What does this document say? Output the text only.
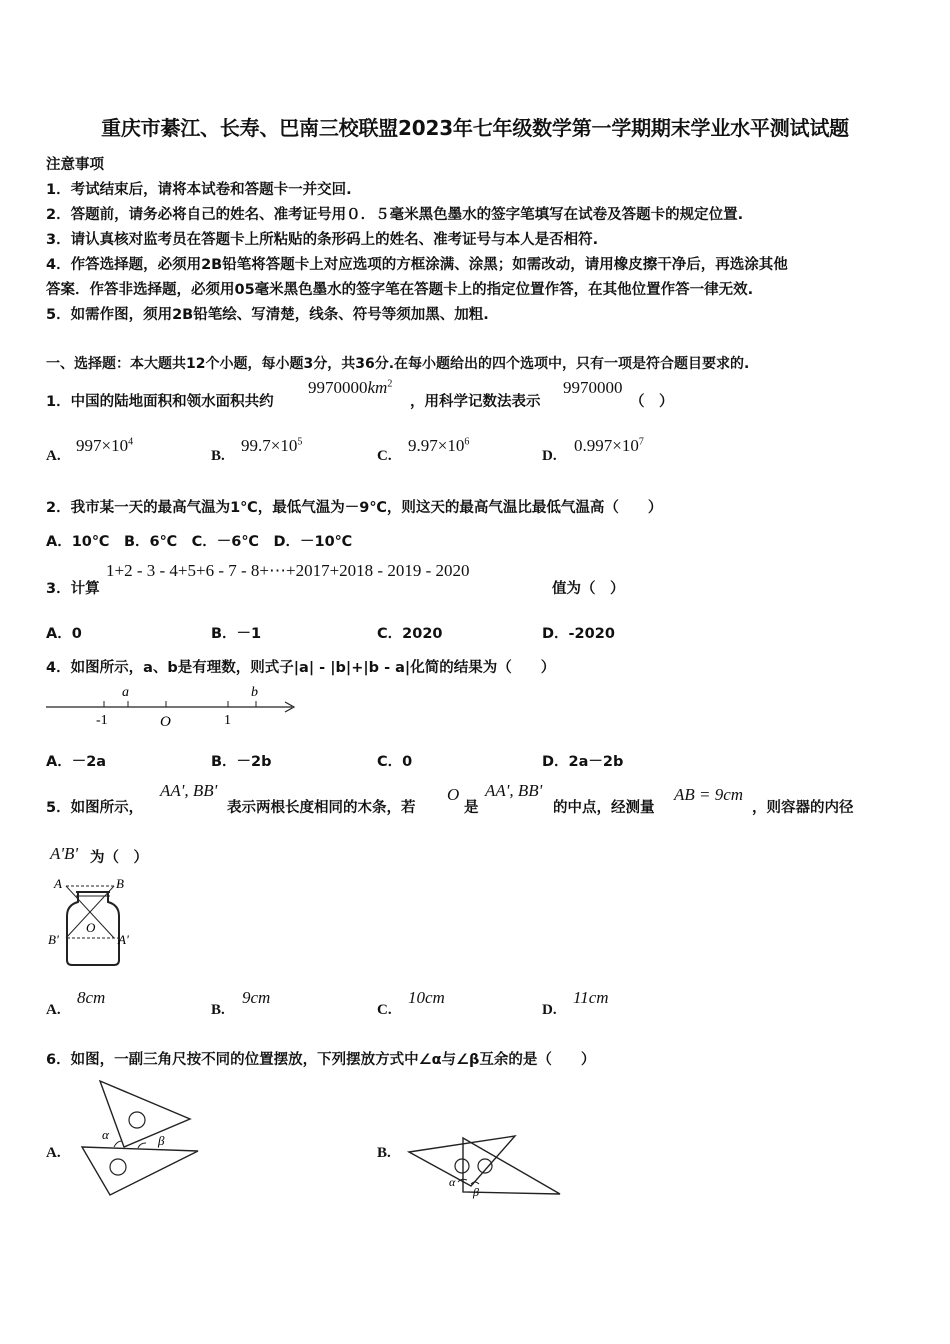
重庆市綦江、长寿、巴南三校联盟2023年七年级数学第一学期期末学业水平测试试题
注意事项
1．考试结束后，请将本试卷和答题卡一并交回.
2．答题前，请务必将自己的姓名、准考证号用０．５毫米黑色墨水的签字笔填写在试卷及答题卡的规定位置.
3．请认真核对监考员在答题卡上所粘贴的条形码上的姓名、准考证号与本人是否相符.
4．作答选择题，必须用2B铅笔将答题卡上对应选项的方框涂满、涂黑；如需改动，请用橡皮擦干净后，再选涂其他
答案．作答非选择题，必须用05毫米黑色墨水的签字笔在答题卡上的指定位置作答，在其他位置作答一律无效.
5．如需作图，须用2B铅笔绘、写清楚，线条、符号等须加黑、加粗.
一、选择题：本大题共12个小题，每小题3分，共36分.在每小题给出的四个选项中，只有一项是符合题目要求的.
1．中国的陆地面积和领水面积共约
$9970000km^2$
，用科学记数法表示
9970000
（　）
A.
$997\times 10^4$
B.
$99.7\times 10^5$
C.
$9.97\times 10^6$
D.
$0.997\times 10^7$
2．我市某一天的最高气温为1℃，最低气温为－9℃，则这天的最高气温比最低气温高（　　）
A．10℃　B．6℃　C．－6℃　D．－10℃
3．计算
1+2 - 3 - 4+5+6 - 7 - 8+⋯+2017+2018 - 2019 - 2020
值为（　）
A．0	B．－1	C．2020	D．-2020
4．如图所示，a、b是有理数，则式子|a| - |b|+|b - a|化简的结果为（　　）
a	b
-1	O	1
A．－2a	B．－2b	C．0	D．2a－2b
5．如图所示，
AA', BB'
表示两根长度相同的木条，若
O
是
AA', BB'
的中点，经测量
AB = 9cm
，则容器的内径
A'B' 为（　）
A	B
O
B'	A'
A.
8cm
B.
9cm
C.
10cm
D.
11cm
6．如图，一副三角尺按不同的位置摆放，下列摆放方式中∠α与∠β互余的是（　　）
A.
α	β
B.
α
β
